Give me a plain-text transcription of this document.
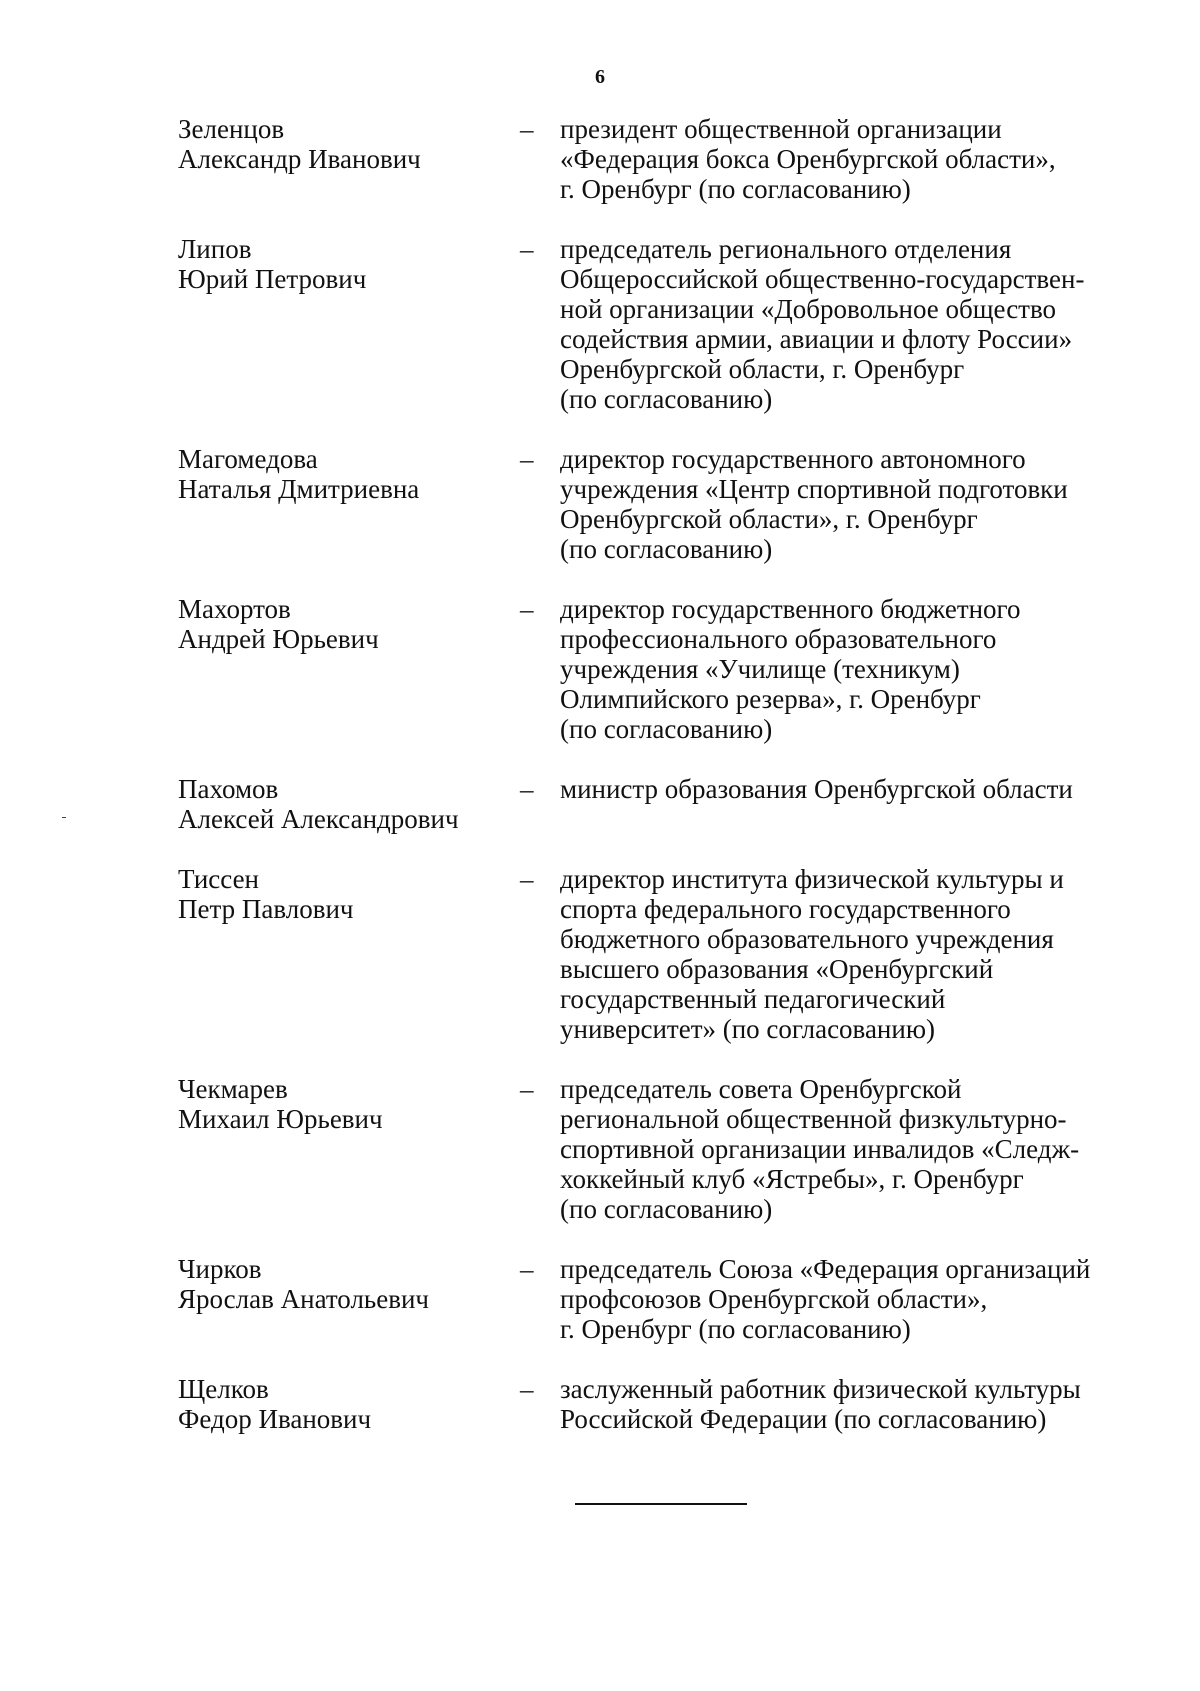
6
Зеленцов
Александр Иванович
– президент общественной организации
«Федерация бокса Оренбургской области»,
г. Оренбург (по согласованию)
Липов
Юрий Петрович
– председатель регионального отделения
Общероссийской общественно-государствен-
ной организации «Добровольное общество
содействия армии, авиации и флоту России»
Оренбургской области, г. Оренбург
(по согласованию)
Магомедова
Наталья Дмитриевна
– директор государственного автономного
учреждения «Центр спортивной подготовки
Оренбургской области», г. Оренбург
(по согласованию)
Махортов
Андрей Юрьевич
– директор государственного бюджетного
профессионального образовательного
учреждения «Училище (техникум)
Олимпийского резерва», г. Оренбург
(по согласованию)
Пахомов
Алексей Александрович
– министр образования Оренбургской области
Тиссен
Петр Павлович
– директор института физической культуры и
спорта федерального государственного
бюджетного образовательного учреждения
высшего образования «Оренбургский
государственный педагогический
университет» (по согласованию)
Чекмарев
Михаил Юрьевич
– председатель совета Оренбургской
региональной общественной физкультурно-
спортивной организации инвалидов «Следж-
хоккейный клуб «Ястребы», г. Оренбург
(по согласованию)
Чирков
Ярослав Анатольевич
– председатель Союза «Федерация организаций
профсоюзов Оренбургской области»,
г. Оренбург (по согласованию)
Щелков
Федор Иванович
– заслуженный работник физической культуры
Российской Федерации (по согласованию)
